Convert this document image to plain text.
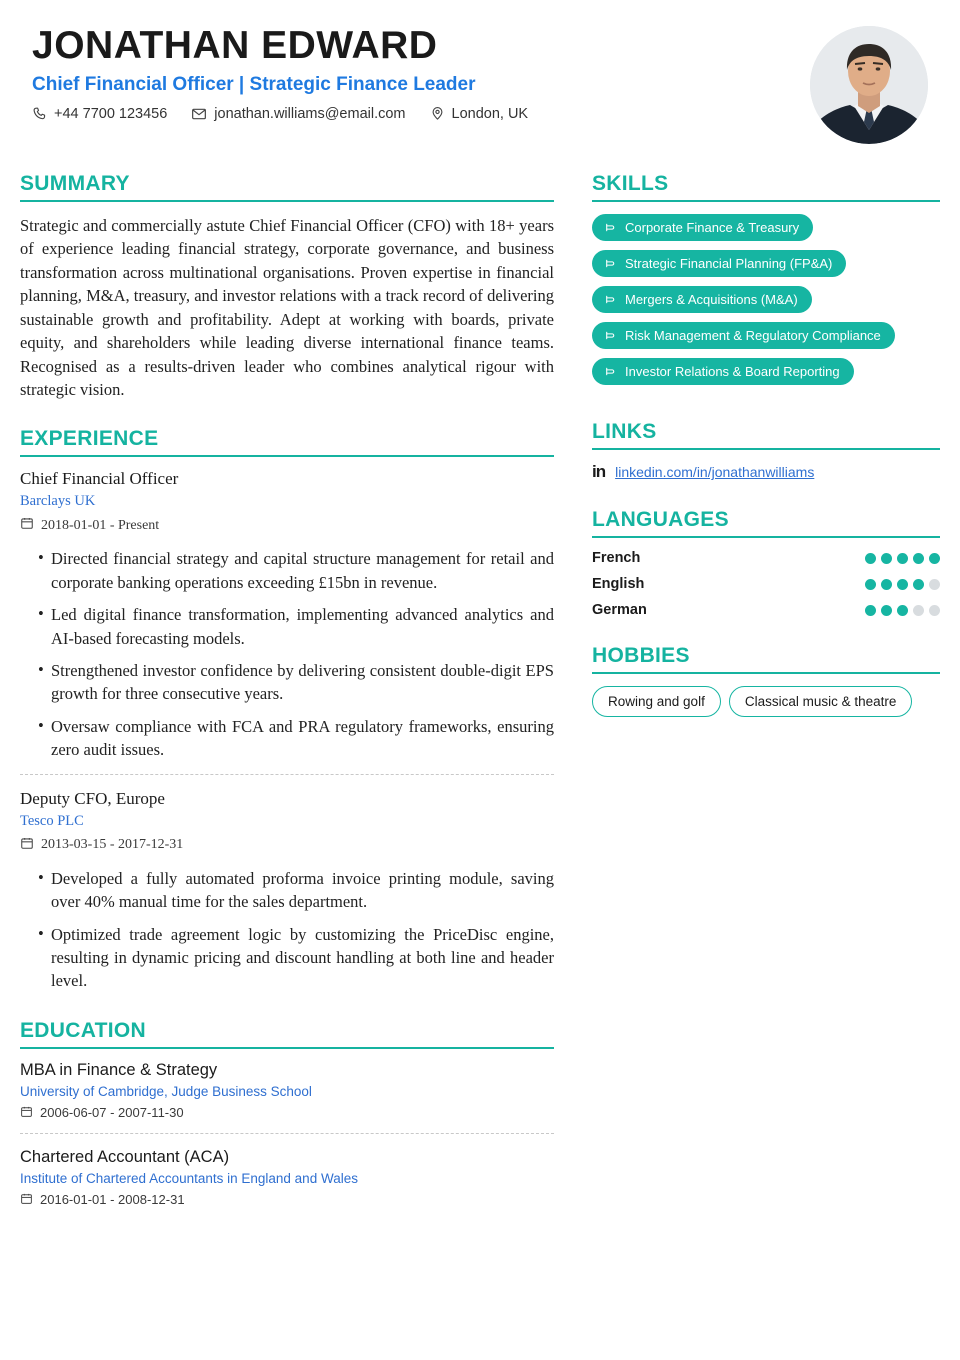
JONATHAN EDWARD
Chief Financial Officer | Strategic Finance Leader
+44 7700 123456	jonathan.williams@email.com	London, UK
SUMMARY

Strategic and commercially astute Chief Financial Officer (CFO) with 18+ years of experience leading financial strategy, corporate governance, and business transformation across multinational organisations. Proven expertise in financial planning, M&A, treasury, and investor relations with a track record of delivering sustainable growth and profitability. Adept at working with boards, private equity, and shareholders while leading diverse international finance teams. Recognised as a results-driven leader who combines analytical rigour with strategic vision.

EXPERIENCE
Chief Financial Officer
Barclays UK
2018-01-01 - Present
• Directed financial strategy and capital structure management for retail and corporate banking operations exceeding £15bn in revenue.
• Led digital finance transformation, implementing advanced analytics and AI-based forecasting models.
• Strengthened investor confidence by delivering consistent double-digit EPS growth for three consecutive years.
• Oversaw compliance with FCA and PRA regulatory frameworks, ensuring zero audit issues.
Deputy CFO, Europe
Tesco PLC
2013-03-15 - 2017-12-31
• Developed a fully automated proforma invoice printing module, saving over 40% manual time for the sales department.
• Optimized trade agreement logic by customizing the PriceDisc engine, resulting in dynamic pricing and discount handling at both line and header level.
EDUCATION
MBA in Finance & Strategy
University of Cambridge, Judge Business School
2006-06-07 - 2007-11-30
Chartered Accountant (ACA)
Institute of Chartered Accountants in England and Wales
2016-01-01 - 2008-12-31
SKILLS
Corporate Finance & Treasury

Strategic Financial Planning (FP&A)

Mergers & Acquisitions (M&A)

Risk Management & Regulatory Compliance

Investor Relations & Board Reporting
LINKS
in linkedin.com/in/jonathanwilliams
LANGUAGES
French
English
German
HOBBIES
Rowing and golf	Classical music & theatre
